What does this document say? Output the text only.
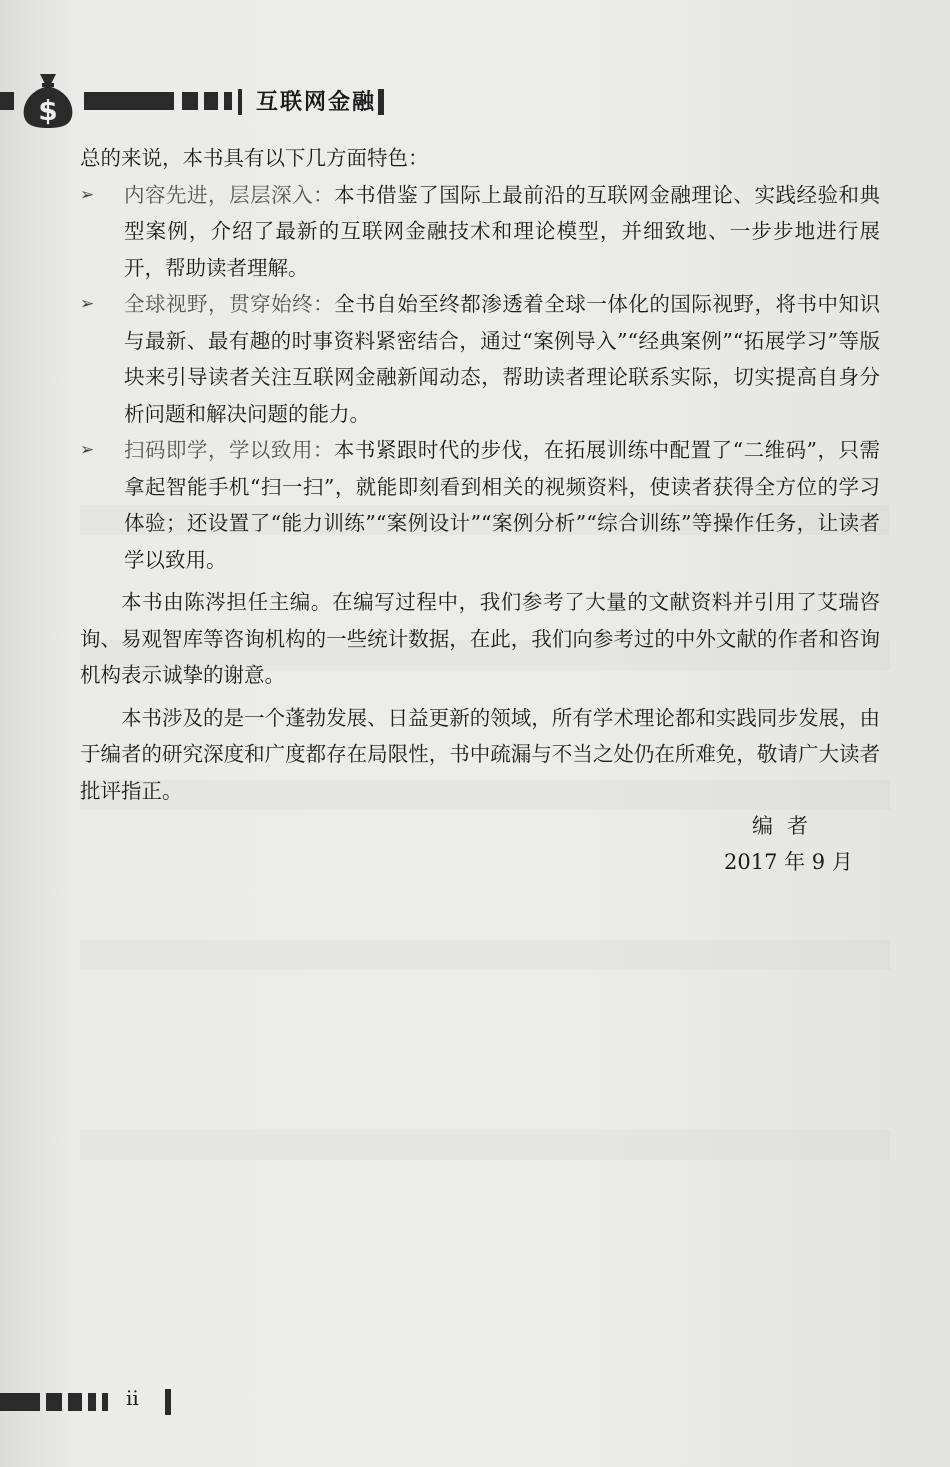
$	互联网金融

总的来说，本书具有以下几方面特色：

➢ 内容先进，层层深入：本书借鉴了国际上最前沿的互联网金融理论、实践经验和典型案例，介绍了最新的互联网金融技术和理论模型，并细致地、一步步地进行展开，帮助读者理解。
➢ 全球视野，贯穿始终：全书自始至终都渗透着全球一体化的国际视野，将书中知识与最新、最有趣的时事资料紧密结合，通过“案例导入”“经典案例”“拓展学习”等版块来引导读者关注互联网金融新闻动态，帮助读者理论联系实际，切实提高自身分析问题和解决问题的能力。
➢ 扫码即学，学以致用：本书紧跟时代的步伐，在拓展训练中配置了“二维码”，只需拿起智能手机“扫一扫”，就能即刻看到相关的视频资料，使读者获得全方位的学习体验；还设置了“能力训练”“案例设计”“案例分析”“综合训练”等操作任务，让读者学以致用。

本书由陈涔担任主编。在编写过程中，我们参考了大量的文献资料并引用了艾瑞咨询、易观智库等咨询机构的一些统计数据，在此，我们向参考过的中外文献的作者和咨询机构表示诚挚的谢意。

本书涉及的是一个蓬勃发展、日益更新的领域，所有学术理论都和实践同步发展，由于编者的研究深度和广度都存在局限性，书中疏漏与不当之处仍在所难免，敬请广大读者批评指正。

编者
2017 年 9 月
ii
